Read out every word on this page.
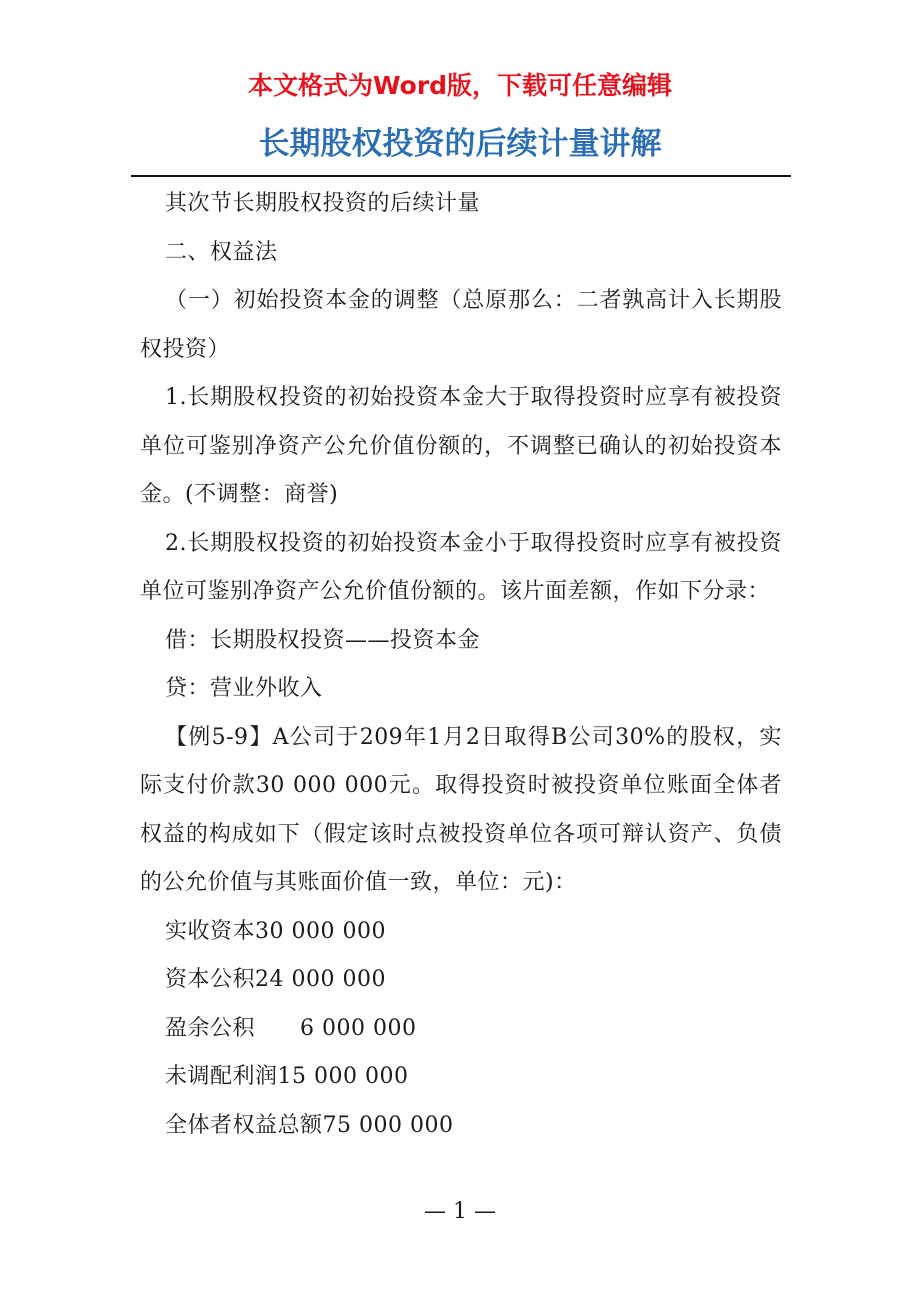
本文格式为Word版，下载可任意编辑
长期股权投资的后续计量讲解

其次节长期股权投资的后续计量

二、权益法

（一）初始投资本金的调整（总原那么：二者孰高计入长期股权投资）

1.长期股权投资的初始投资本金大于取得投资时应享有被投资单位可鉴别净资产公允价值份额的，不调整已确认的初始投资本金。(不调整：商誉)

2.长期股权投资的初始投资本金小于取得投资时应享有被投资单位可鉴别净资产公允价值份额的。该片面差额，作如下分录：

借：长期股权投资——投资本金

贷：营业外收入

【例5-9】A公司于209年1月2日取得B公司30%的股权，实际支付价款30 000 000元。取得投资时被投资单位账面全体者权益的构成如下（假定该时点被投资单位各项可辩认资产、负债的公允价值与其账面价值一致，单位：元)：

实收资本30 000 000

资本公积24 000 000

盈余公积　　6 000 000

未调配利润15 000 000

全体者权益总额75 000 000

— 1 —
